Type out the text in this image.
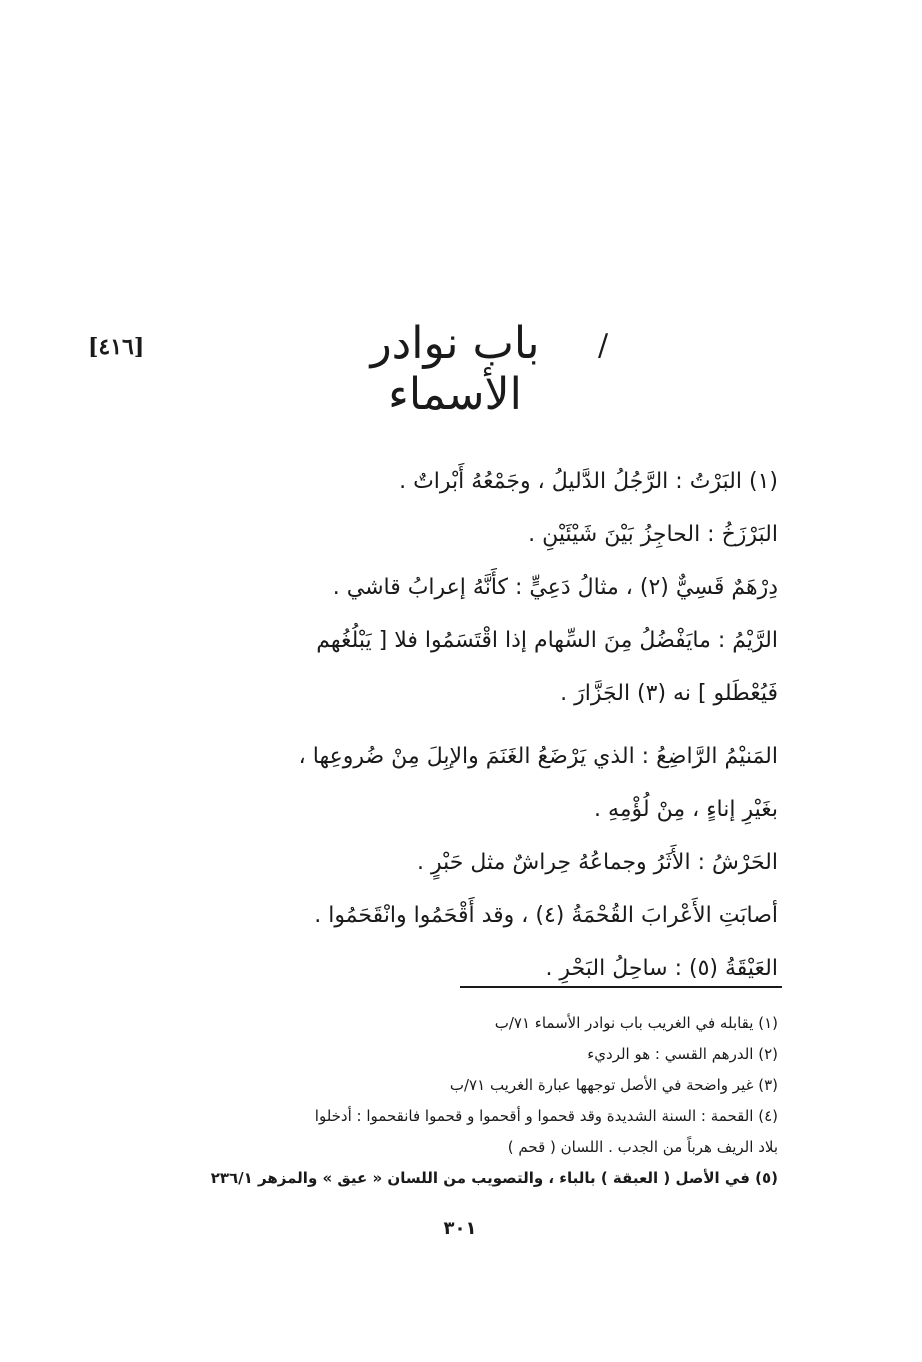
[٤١٦]	باب نوادر الأسماء
/
(١) البَرْتُ : الرَّجُلُ الدَّليلُ ، وجَمْعُهُ أَبْراتٌ .
البَرْزَخُ : الحاجِزُ بَيْنَ شَيْئَيْنِ .
دِرْهَمٌ قَسِيٌّ (٢) ، مثالُ دَعِيٍّ : كأَنَّهُ إعرابُ قاشي .
الرَّيْمُ : مايَفْضُلُ مِنَ السِّهام إذا اقْتَسَمُوا فلا [ يَبْلُغُهم
فَيُعْطَلو ] نه (٣) الجَزَّارَ .
المَنيْمُ الرَّاضِعُ : الذي يَرْضَعُ الغَنَمَ والإبِلَ مِنْ ضُروعِها ،
بغَيْرِ إناءٍ ، مِنْ لُؤْمِهِ .
الحَرْشُ : الأَثَرُ وجماعُهُ حِراشٌ مثل حَبْرٍ .
أصابَتِ الأَعْرابَ القُحْمَةُ (٤) ، وقد أَقْحَمُوا وانْقَحَمُوا .
العَيْقَةُ (٥) : ساحِلُ البَحْرِ .
(١) يقابله في الغريب باب نوادر الأسماء ٧١/ب
(٢) الدرهم القسي : هو الرديء
(٣) غير واضحة في الأصل توجهها عبارة الغريب ٧١/ب
(٤) القحمة : السنة الشديدة وقد قحموا و أقحموا و قحموا فانقحموا : أدخلوا
بلاد الريف هرباً من الجدب . اللسان ( قحم )
(٥) في الأصل ( العبقة ) بالباء ، والتصويب من اللسان « عيق » والمزهر ٢٣٦/١
٣٠١
